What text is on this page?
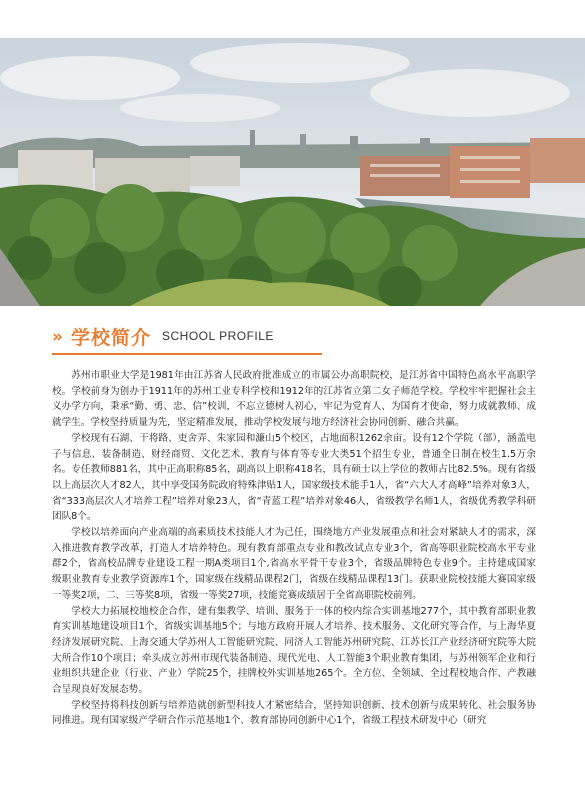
» 学校简介 SCHOOL PROFILE

苏州市职业大学是1981年由江苏省人民政府批准成立的市属公办高职院校，是江苏省中国特色高水平高职学校。学校前身为创办于1911年的苏州工业专科学校和1912年的江苏省立第二女子师范学校。学校牢牢把握社会主义办学方向，秉承“勤、勇、忠、信”校训，不忘立德树人初心，牢记为党育人、为国育才使命，努力成就教师、成就学生。学校坚持质量为先，坚定精准发展，推动学校发展与地方经济社会协同创新、融合共赢。

学校现有石湖、干将路、吏舍弄、朱家园和濂山5个校区，占地面积1262余亩。设有12个学院（部），涵盖电子与信息、装备制造、财经商贸、文化艺术、教育与体育等专业大类51个招生专业，普通全日制在校生1.5万余名。专任教师881名，其中正高职称85名，副高以上职称418名，具有硕士以上学位的教师占比82.5%。现有省级以上高层次人才82人，其中享受国务院政府特殊津贴1人，国家级技术能手1人，省“六大人才高峰”培养对象3人，省“333高层次人才培养工程”培养对象23人，省“青蓝工程”培养对象46人，省级教学名师1人，省级优秀教学科研团队8个。

学校以培养面向产业高端的高素质技术技能人才为己任，围绕地方产业发展重点和社会对紧缺人才的需求，深入推进教育教学改革，打造人才培养特色。现有教育部重点专业和教改试点专业3个，省高等职业院校高水平专业群2个，省高校品牌专业建设工程一期A类项目1个,省高水平骨干专业3个，省级品牌特色专业9个。主持建成国家级职业教育专业教学资源库1个，国家级在线精品课程2门，省级在线精品课程13门。获职业院校技能大赛国家级一等奖2项，二、三等奖8项，省级一等奖27项，技能竞赛成绩居于全省高职院校前列。

学校大力拓展校地校企合作，建有集教学、培训、服务于一体的校内综合实训基地277个，其中教育部职业教育实训基地建设项目1个，省级实训基地5个；与地方政府开展人才培养、技术服务、文化研究等合作，与上海华夏经济发展研究院、上海交通大学苏州人工智能研究院、同济人工智能苏州研究院、江苏长江产业经济研究院等大院大所合作10个项目；牵头成立苏州市现代装备制造、现代光电、人工智能3个职业教育集团，与苏州领军企业和行业组织共建企业（行业、产业）学院25个，挂牌校外实训基地265个。全方位、全领域、全过程校地合作、产教融合呈现良好发展态势。

学校坚持将科技创新与培养造就创新型科技人才紧密结合，坚持知识创新、技术创新与成果转化、社会服务协同推进。现有国家级产学研合作示范基地1个、教育部协同创新中心1个，省级工程技术研发中心（研究
